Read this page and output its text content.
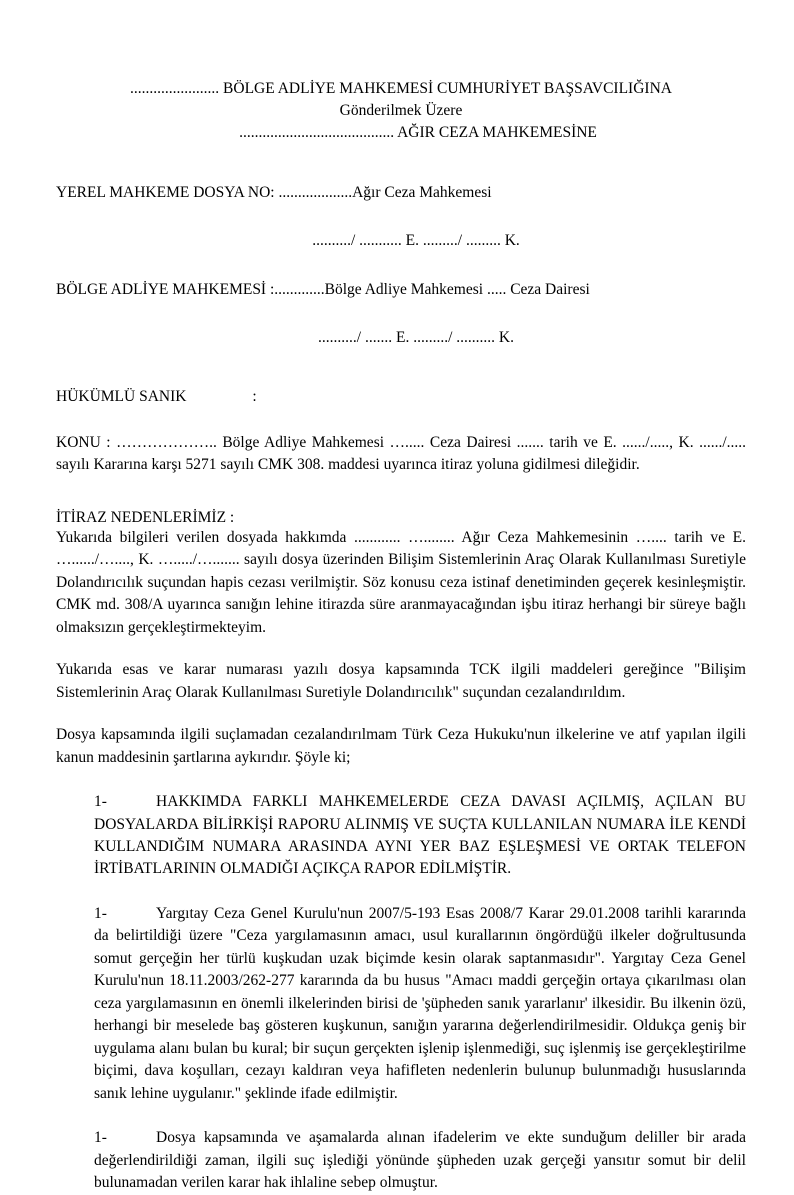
....................... BÖLGE ADLİYE MAHKEMESİ CUMHURİYET BAŞSAVCILIĞINA
Gönderilmek Üzere
........................................ AĞIR CEZA MAHKEMESİNE
YEREL MAHKEME DOSYA NO: ...................Ağır Ceza Mahkemesi
........../ ........... E. ........./ ......... K.
BÖLGE ADLİYE MAHKEMESİ :.............Bölge Adliye Mahkemesi ..... Ceza Dairesi
........../ ....... E. ........./ .......... K.
HÜKÜMLÜ SANIK                 :
KONU : ……………….. Bölge Adliye Mahkemesi …..... Ceza Dairesi ....... tarih ve E. ....../....., K. ....../..... sayılı Kararına karşı 5271 sayılı CMK 308. maddesi uyarınca itiraz yoluna gidilmesi dileğidir.
İTİRAZ NEDENLERİMİZ :

Yukarıda bilgileri verilen dosyada hakkımda ............ …........ Ağır Ceza Mahkemesinin ….... tarih ve E. …....../…...., K. …...../…....... sayılı dosya üzerinden Bilişim Sistemlerinin Araç Olarak Kullanılması Suretiyle Dolandırıcılık suçundan hapis cezası verilmiştir. Söz konusu ceza istinaf denetiminden geçerek kesinleşmiştir. CMK md. 308/A uyarınca sanığın lehine itirazda süre aranmayacağından işbu itiraz herhangi bir süreye bağlı olmaksızın gerçekleştirmekteyim.

Yukarıda esas ve karar numarası yazılı dosya kapsamında TCK ilgili maddeleri gereğince "Bilişim Sistemlerinin Araç Olarak Kullanılması Suretiyle Dolandırıcılık" suçundan cezalandırıldım.

Dosya kapsamında ilgili suçlamadan cezalandırılmam Türk Ceza Hukuku'nun ilkelerine ve atıf yapılan ilgili kanun maddesinin şartlarına aykırıdır. Şöyle ki;

1-	HAKKIMDA FARKLI MAHKEMELERDE CEZA DAVASI AÇILMIŞ, AÇILAN BU DOSYALARDA BİLİRKİŞİ RAPORU ALINMIŞ VE SUÇTA KULLANILAN NUMARA İLE KENDİ KULLANDIĞIM NUMARA ARASINDA AYNI YER BAZ EŞLEŞMESİ VE ORTAK TELEFON İRTİBATLARININ OLMADIĞI AÇIKÇA RAPOR EDİLMİŞTİR.

1-	Yargıtay Ceza Genel Kurulu'nun 2007/5-193 Esas 2008/7 Karar 29.01.2008 tarihli kararında da belirtildiği üzere "Ceza yargılamasının amacı, usul kurallarının öngördüğü ilkeler doğrultusunda somut gerçeğin her türlü kuşkudan uzak biçimde kesin olarak saptanmasıdır". Yargıtay Ceza Genel Kurulu'nun 18.11.2003/262-277 kararında da bu husus "Amacı maddi gerçeğin ortaya çıkarılması olan ceza yargılamasının en önemli ilkelerinden birisi de 'şüpheden sanık yararlanır' ilkesidir. Bu ilkenin özü, herhangi bir meselede baş gösteren kuşkunun, sanığın yararına değerlendirilmesidir. Oldukça geniş bir uygulama alanı bulan bu kural; bir suçun gerçekten işlenip işlenmediği, suç işlenmiş ise gerçekleştirilme biçimi, dava koşulları, cezayı kaldıran veya hafifleten nedenlerin bulunup bulunmadığı hususlarında sanık lehine uygulanır." şeklinde ifade edilmiştir.

1-	Dosya kapsamında ve aşamalarda alınan ifadelerim ve ekte sunduğum deliller bir arada değerlendirildiği zaman, ilgili suç işlediği yönünde şüpheden uzak gerçeği yansıtır somut bir delil bulunamadan verilen karar hak ihlaline sebep olmuştur.
